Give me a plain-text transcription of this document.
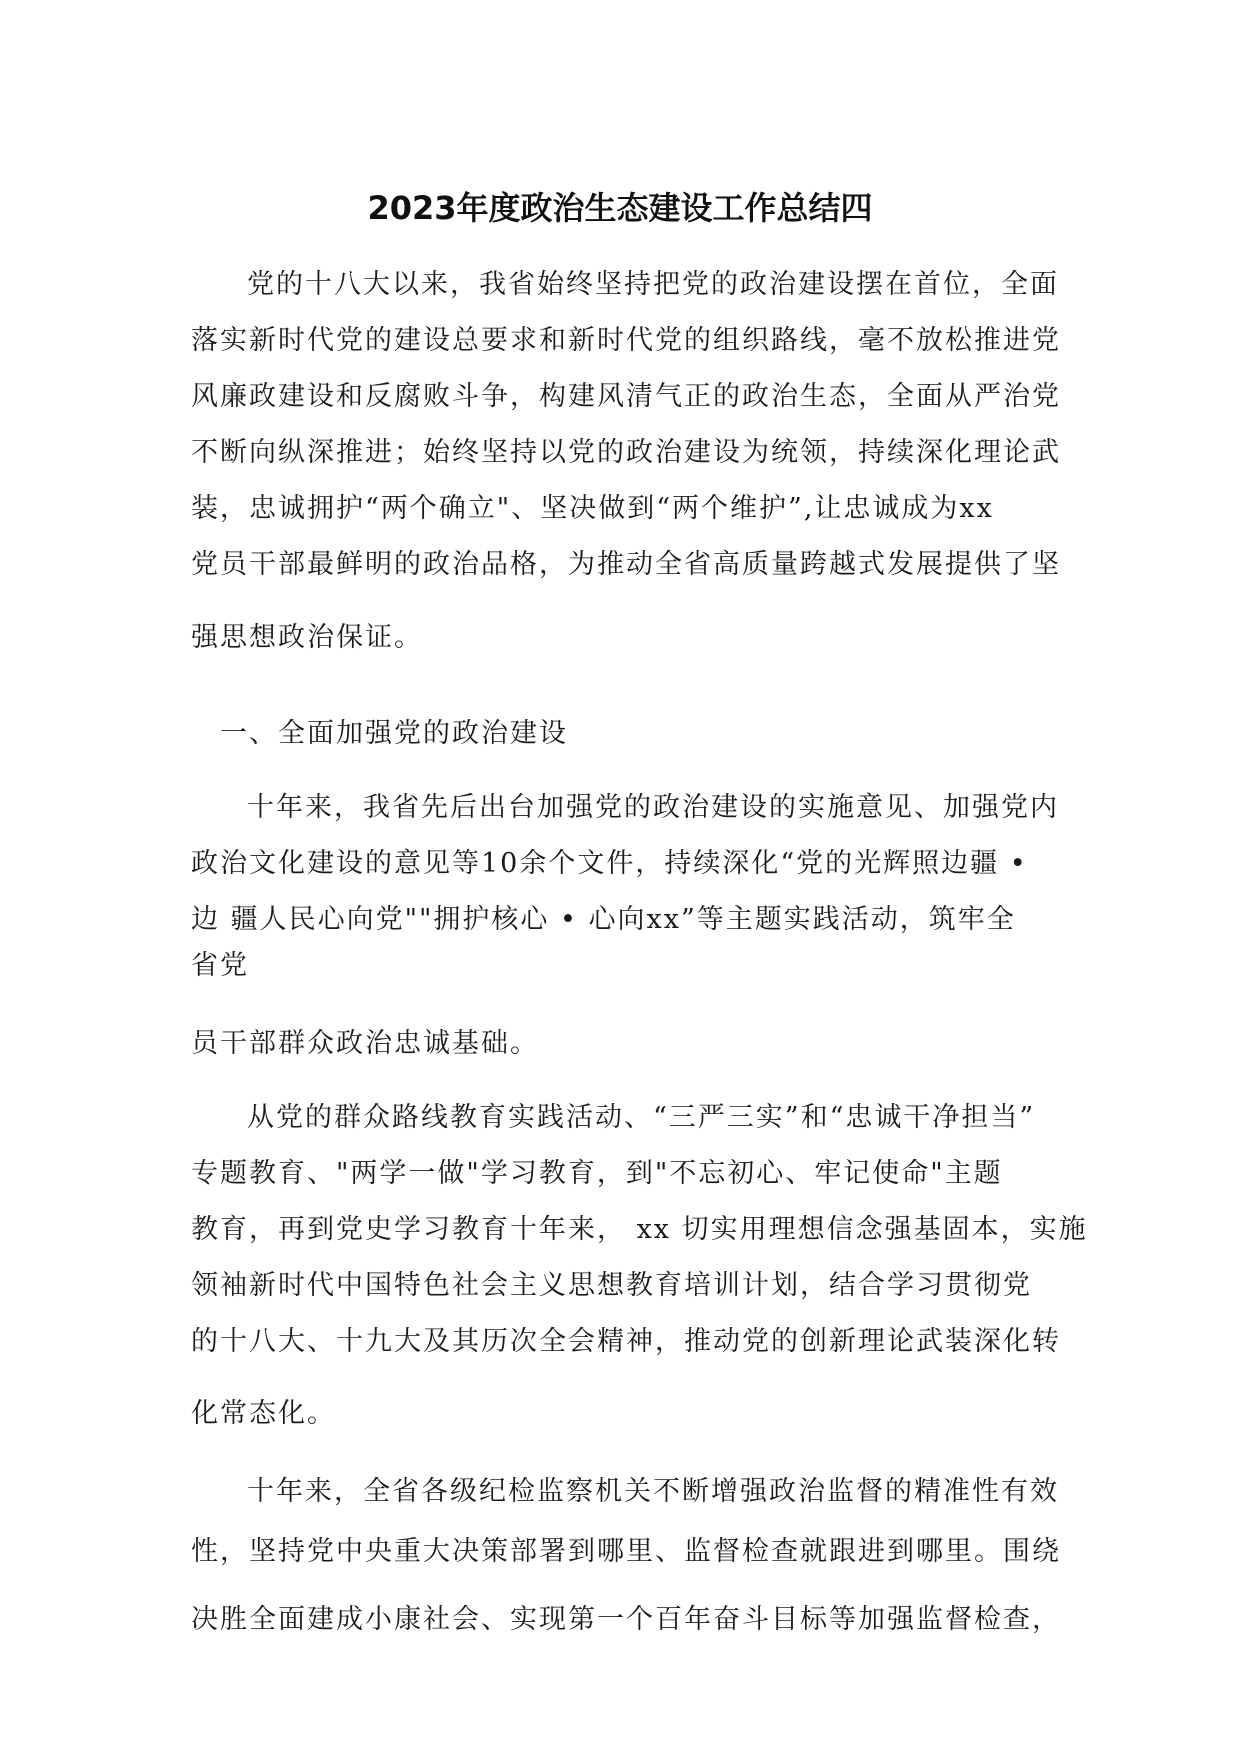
2023年度政治生态建设工作总结四
党的十八大以来，我省始终坚持把党的政治建设摆在首位，全面
落实新时代党的建设总要求和新时代党的组织路线，毫不放松推进党
风廉政建设和反腐败斗争，构建风清气正的政治生态，全面从严治党
不断向纵深推进；始终坚持以党的政治建设为统领，持续深化理论武
装，忠诚拥护“两个确立"、坚决做到“两个维护”,让忠诚成为xx
党员干部最鲜明的政治品格，为推动全省高质量跨越式发展提供了坚
强思想政治保证。
一、全面加强党的政治建设
十年来，我省先后出台加强党的政治建设的实施意见、加强党内
政治文化建设的意见等10余个文件，持续深化“党的光辉照边疆 •
边 疆人民心向党""拥护核心 • 心向xx”等主题实践活动，筑牢全
省党
员干部群众政治忠诚基础。
从党的群众路线教育实践活动、“三严三实”和“忠诚干净担当”
专题教育、"两学一做"学习教育，到"不忘初心、牢记使命"主题
教育，再到党史学习教育十年来， xx 切实用理想信念强基固本，实施
领袖新时代中国特色社会主义思想教育培训计划，结合学习贯彻党
的十八大、十九大及其历次全会精神，推动党的创新理论武装深化转
化常态化。
十年来，全省各级纪检监察机关不断增强政治监督的精准性有效
性，坚持党中央重大决策部署到哪里、监督检查就跟进到哪里。围绕
决胜全面建成小康社会、实现第一个百年奋斗目标等加强监督检查，
